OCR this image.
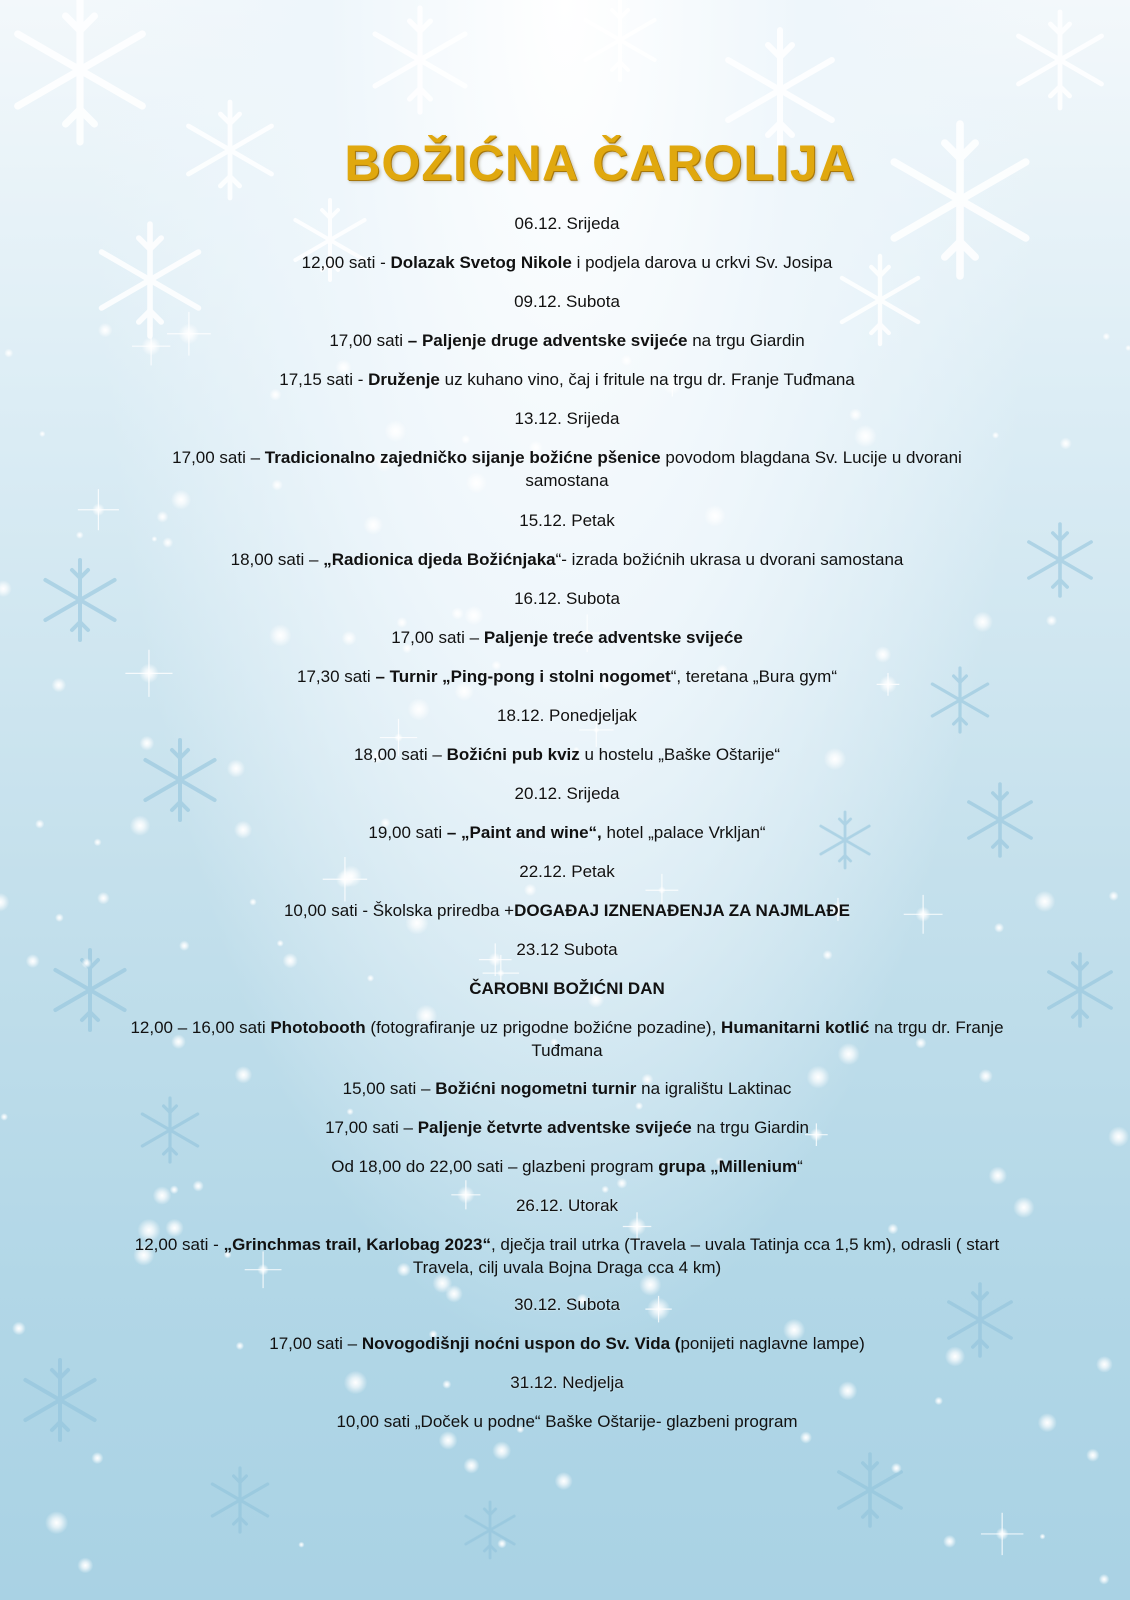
BOŽIĆNA ČAROLIJA
06.12. Srijeda
12,00 sati - Dolazak Svetog Nikole i podjela darova u crkvi Sv. Josipa
09.12. Subota
17,00 sati – Paljenje druge adventske svijeće na trgu Giardin
17,15 sati - Druženje uz kuhano vino, čaj i fritule na trgu dr. Franje Tuđmana
13.12. Srijeda
17,00 sati – Tradicionalno zajedničko sijanje božićne pšenice povodom blagdana Sv. Lucije u dvorani samostana
15.12. Petak
18,00 sati – „Radionica djeda Božićnjaka“- izrada božićnih ukrasa u dvorani samostana
16.12. Subota
17,00 sati – Paljenje treće adventske svijeće
17,30 sati – Turnir „Ping-pong i stolni nogomet“, teretana „Bura gym“
18.12. Ponedjeljak
18,00 sati – Božićni pub kviz u hostelu „Baške Oštarije“
20.12. Srijeda
19,00 sati – „Paint and wine“, hotel „palace Vrkljan“
22.12. Petak
10,00 sati - Školska priredba +DOGAĐAJ IZNENAĐENJA ZA NAJMLAĐE
23.12 Subota
ČAROBNI BOŽIĆNI DAN
12,00 – 16,00 sati Photobooth (fotografiranje uz prigodne božićne pozadine), Humanitarni kotlić na trgu dr. Franje Tuđmana
15,00 sati – Božićni nogometni turnir na igralištu Laktinac
17,00 sati – Paljenje četvrte adventske svijeće na trgu Giardin
Od 18,00 do 22,00 sati – glazbeni program grupa „Millenium“
26.12. Utorak
12,00 sati - „Grinchmas trail, Karlobag 2023“, dječja trail utrka (Travela – uvala Tatinja cca 1,5 km), odrasli ( start Travela, cilj uvala Bojna Draga cca 4 km)
30.12. Subota
17,00 sati – Novogodišnji noćni uspon do Sv. Vida (ponijeti naglavne lampe)
31.12. Nedjelja
10,00 sati „Doček u podne“ Baške Oštarije- glazbeni program
